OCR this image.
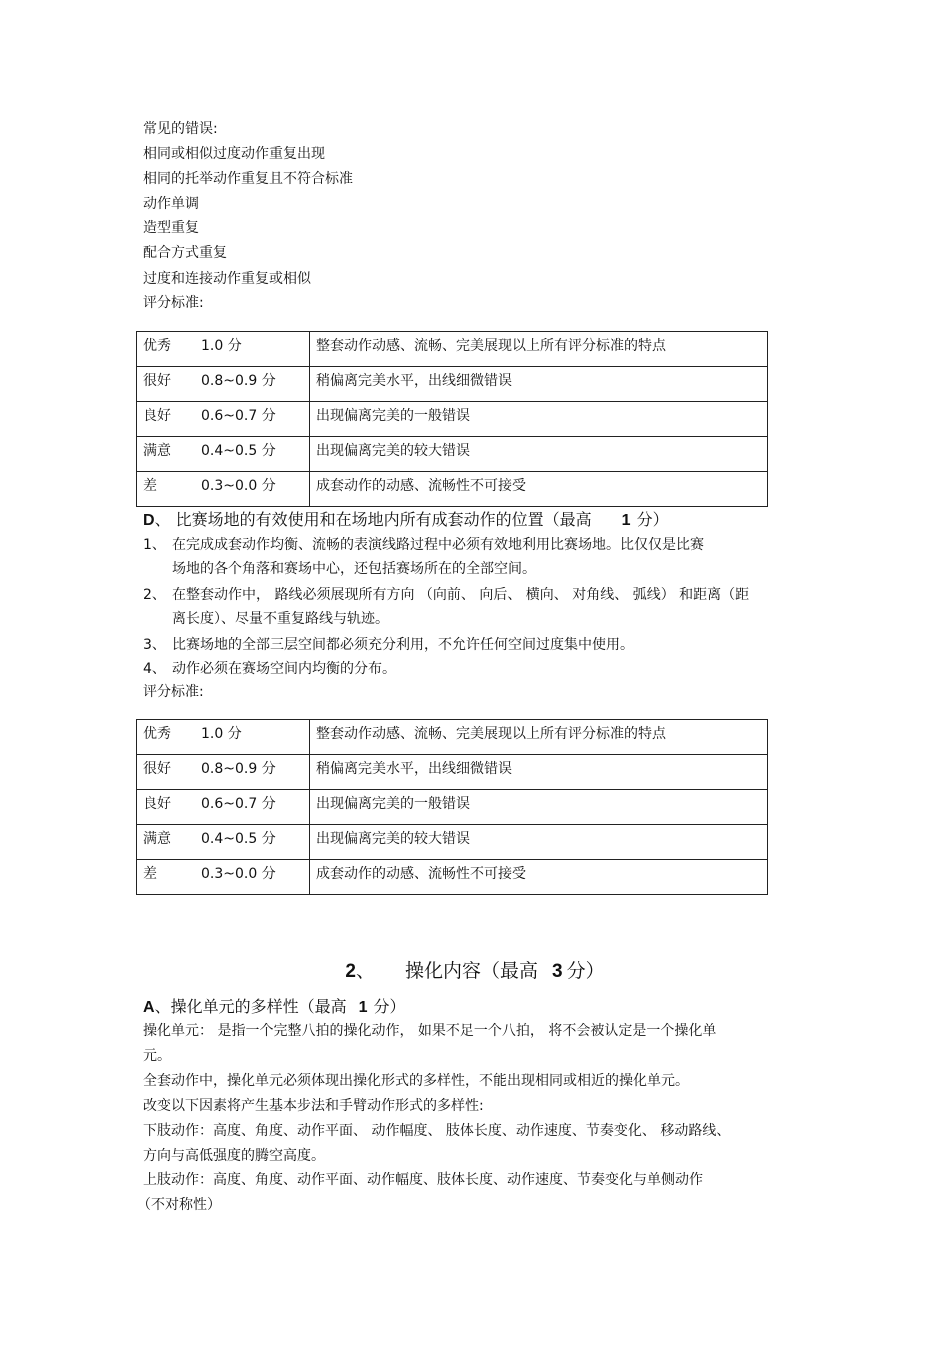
常见的错误:
相同或相似过度动作重复出现
相同的托举动作重复且不符合标准
动作单调
造型重复
配合方式重复
过度和连接动作重复或相似
评分标准:
优秀 1.0 分	整套动作动感、流畅、完美展现以上所有评分标准的特点
很好 0.8~0.9 分	稍偏离完美水平，出线细微错误
良好 0.6~0.7 分	出现偏离完美的一般错误
满意 0.4~0.5 分	出现偏离完美的较大错误
差 0.3~0.0 分	成套动作的动感、流畅性不可接受
D、 比赛场地的有效使用和在场地内所有成套动作的位置（最高 1 分）
1、 在完成成套动作均衡、流畅的表演线路过程中必须有效地利用比赛场地。比仅仅是比赛
场地的各个角落和赛场中心，还包括赛场所在的全部空间。
2、 在整套动作中， 路线必须展现所有方向 （向前、 向后、 横向、 对角线、 弧线） 和距离（距
离长度）、尽量不重复路线与轨迹。
3、 比赛场地的全部三层空间都必须充分利用，不允许任何空间过度集中使用。
4、 动作必须在赛场空间内均衡的分布。
评分标准:
优秀 1.0 分	整套动作动感、流畅、完美展现以上所有评分标准的特点
很好 0.8~0.9 分	稍偏离完美水平，出线细微错误
良好 0.6~0.7 分	出现偏离完美的一般错误
满意 0.4~0.5 分	出现偏离完美的较大错误
差 0.3~0.0 分	成套动作的动感、流畅性不可接受
2、 操化内容（最高 3 分）
A、操化单元的多样性（最高 1 分）
操化单元： 是指一个完整八拍的操化动作， 如果不足一个八拍， 将不会被认定是一个操化单
元。
全套动作中，操化单元必须体现出操化形式的多样性，不能出现相同或相近的操化单元。
改变以下因素将产生基本步法和手臂动作形式的多样性:
下肢动作：高度、角度、动作平面、 动作幅度、 肢体长度、动作速度、节奏变化、 移动路线、
方向与高低强度的腾空高度。
上肢动作：高度、角度、动作平面、动作幅度、肢体长度、动作速度、节奏变化与单侧动作
（不对称性）
